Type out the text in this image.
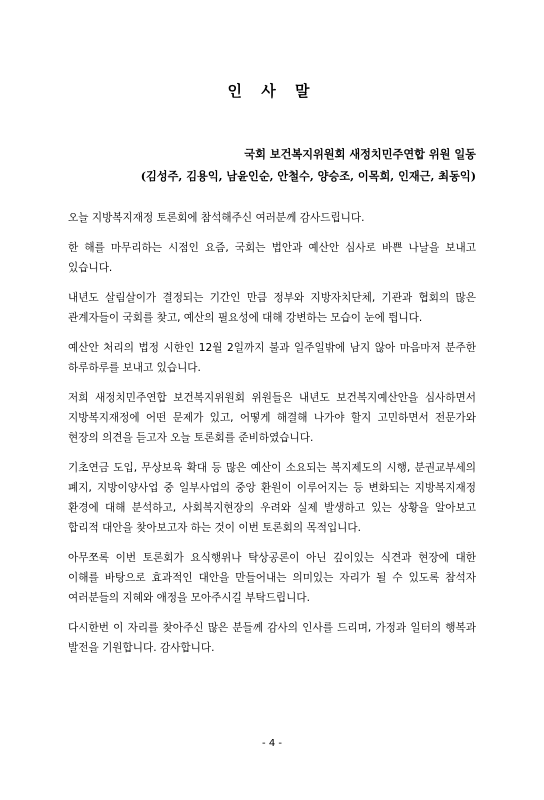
인 사 말
국회 보건복지위원회 새정치민주연합 위원 일동
(김성주, 김용익, 남윤인순, 안철수, 양승조, 이목희, 인재근, 최동익)

오늘 지방복지재정 토론회에 참석해주신 여러분께 감사드립니다.

한 해를 마무리하는 시점인 요즘, 국회는 법안과 예산안 심사로 바쁜 나날을 보내고 있습니다.

내년도 살림살이가 결정되는 기간인 만큼 정부와 지방자치단체, 기관과 협회의 많은 관계자들이 국회를 찾고, 예산의 필요성에 대해 강변하는 모습이 눈에 띕니다.

예산안 처리의 법정 시한인 12월 2일까지 불과 일주일밖에 남지 않아 마음마저 분주한 하루하루를 보내고 있습니다.

저희 새정치민주연합 보건복지위원회 위원들은 내년도 보건복지예산안을 심사하면서 지방복지재정에 어떤 문제가 있고, 어떻게 해결해 나가야 할지 고민하면서 전문가와 현장의 의견을 듣고자 오늘 토론회를 준비하였습니다.

기초연금 도입, 무상보육 확대 등 많은 예산이 소요되는 복지제도의 시행, 분권교부세의 폐지, 지방이양사업 중 일부사업의 중앙 환원이 이루어지는 등 변화되는 지방복지재정 환경에 대해 분석하고, 사회복지현장의 우려와 실제 발생하고 있는 상황을 알아보고 합리적 대안을 찾아보고자 하는 것이 이번 토론회의 목적입니다.

아무쪼록 이번 토론회가 요식행위나 탁상공론이 아닌 깊이있는 식견과 현장에 대한 이해를 바탕으로 효과적인 대안을 만들어내는 의미있는 자리가 될 수 있도록 참석자 여러분들의 지혜와 애정을 모아주시길 부탁드립니다.

다시한번 이 자리를 찾아주신 많은 분들께 감사의 인사를 드리며, 가정과 일터의 행복과 발전을 기원합니다. 감사합니다.

- 4 -
